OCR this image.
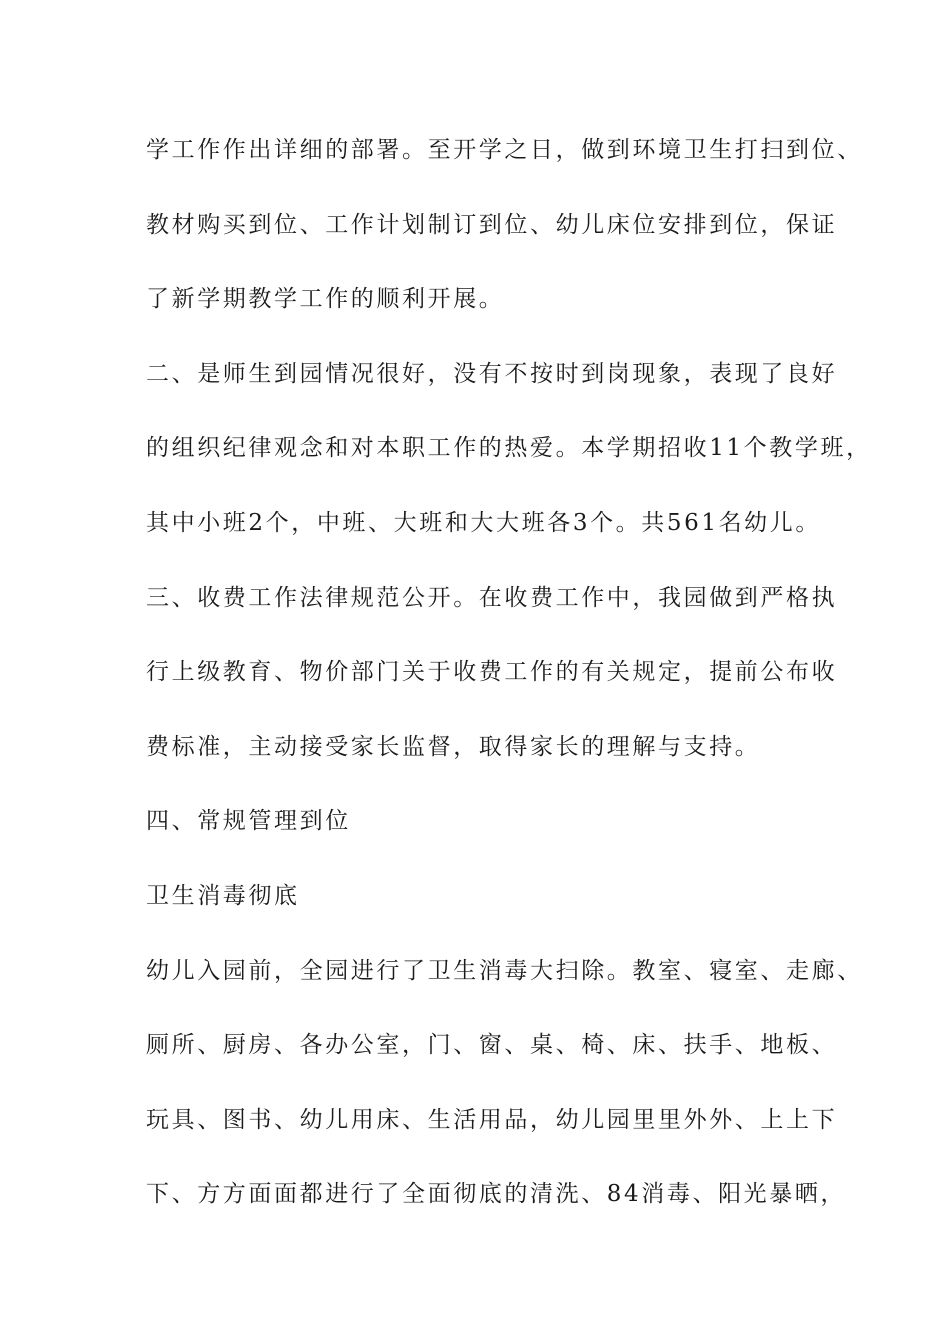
学工作作出详细的部署。至开学之日，做到环境卫生打扫到位、
教材购买到位、工作计划制订到位、幼儿床位安排到位，保证
了新学期教学工作的顺利开展。
二、是师生到园情况很好，没有不按时到岗现象，表现了良好
的组织纪律观念和对本职工作的热爱。本学期招收11个教学班，
其中小班2个，中班、大班和大大班各3个。共561名幼儿。
三、收费工作法律规范公开。在收费工作中，我园做到严格执
行上级教育、物价部门关于收费工作的有关规定，提前公布收
费标准，主动接受家长监督，取得家长的理解与支持。
四、常规管理到位
卫生消毒彻底
幼儿入园前，全园进行了卫生消毒大扫除。教室、寝室、走廊、
厕所、厨房、各办公室，门、窗、桌、椅、床、扶手、地板、
玩具、图书、幼儿用床、生活用品，幼儿园里里外外、上上下
下、方方面面都进行了全面彻底的清洗、84消毒、阳光暴晒，
